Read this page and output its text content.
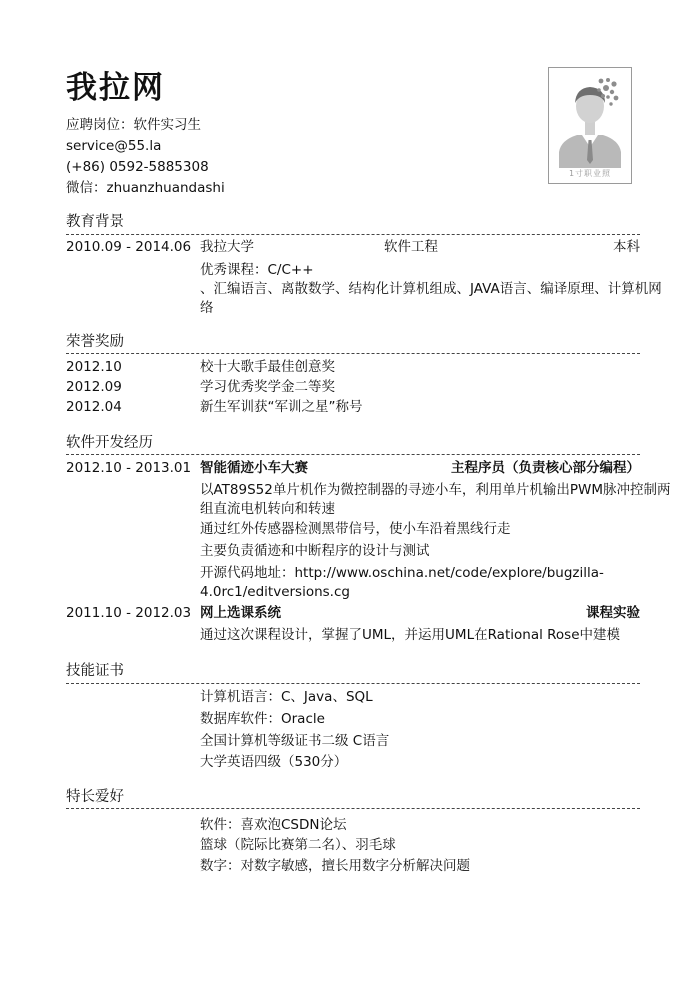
我拉网
应聘岗位：软件实习生
service@55.la
(+86) 0592-5885308
微信：zhuanzhuandashi
1寸职业照
教育背景
2010.09 - 2014.06 我拉大学	软件工程	本科
优秀课程：C/C++
、汇编语言、离散数学、结构化计算机组成、JAVA语言、编译原理、计算机网
络
荣誉奖励
2012.10	校十大歌手最佳创意奖
2012.09	学习优秀奖学金二等奖
2012.04	新生军训获“军训之星”称号
软件开发经历
2012.10 - 2013.01 智能循迹小车大赛	主程序员（负责核心部分编程）
以AT89S52单片机作为微控制器的寻迹小车，利用单片机输出PWM脉冲控制两
组直流电机转向和转速
通过红外传感器检测黑带信号，使小车沿着黑线行走
主要负责循迹和中断程序的设计与测试
开源代码地址：http://www.oschina.net/code/explore/bugzilla-
4.0rc1/editversions.cg
2011.10 - 2012.03 网上选课系统	课程实验
通过这次课程设计，掌握了UML，并运用UML在Rational Rose中建模
技能证书
计算机语言：C、Java、SQL
数据库软件：Oracle
全国计算机等级证书二级 C语言
大学英语四级（530分）
特长爱好
软件：喜欢泡CSDN论坛
篮球（院际比赛第二名）、羽毛球
数字：对数字敏感，擅长用数字分析解决问题
